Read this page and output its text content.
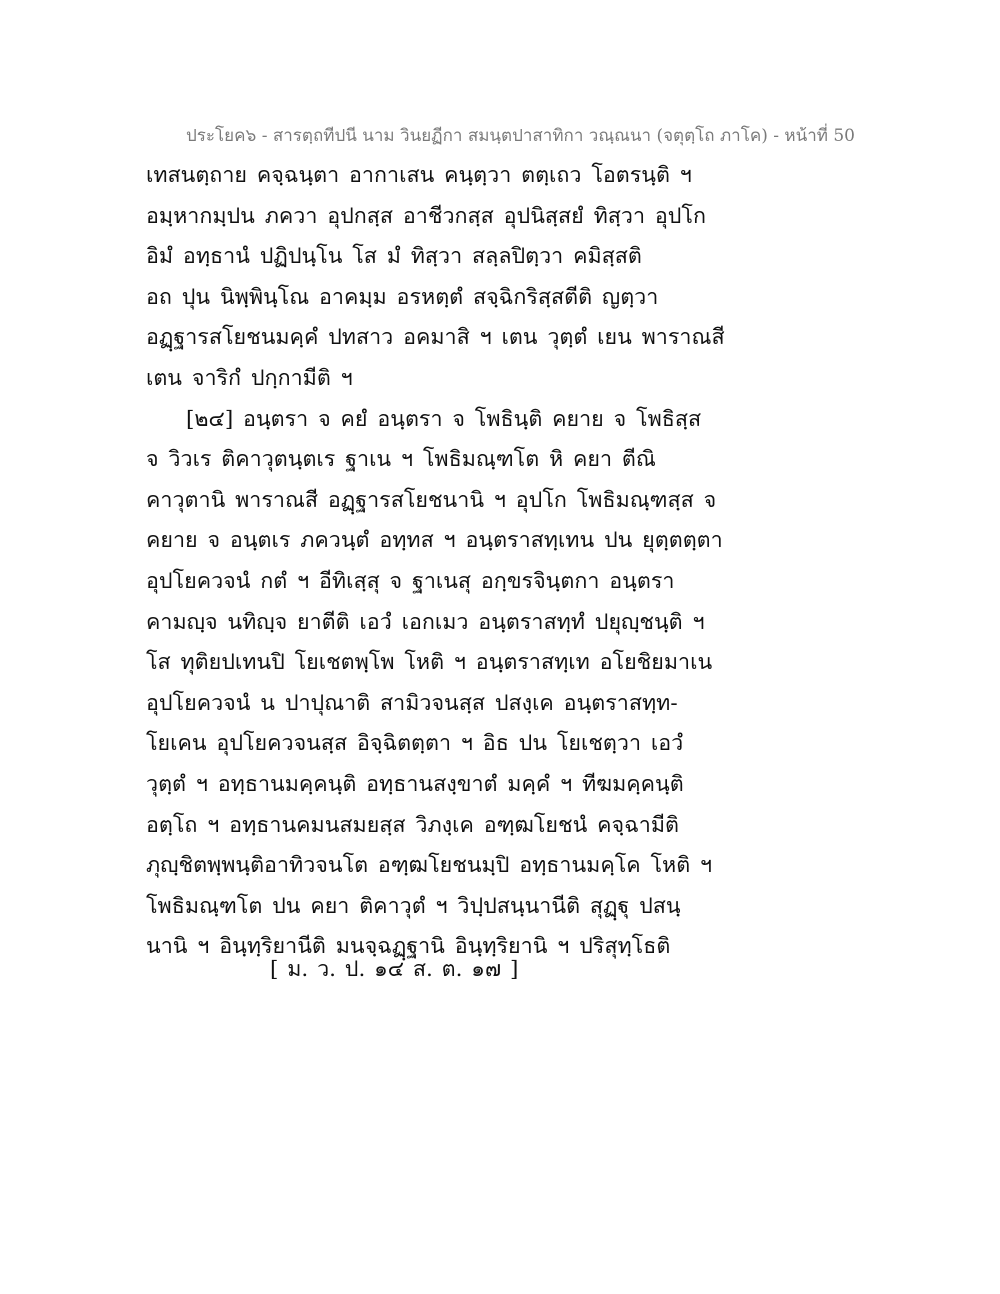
ประโยค๖ - สารตฺถทีปนี นาม วินยฏีกา สมนฺตปาสาทิกา วณฺณนา (จตุตฺโถ ภาโค) - หน้าที่ 50
เทสนตฺถาย คจฺฉนฺตา อากาเสน คนฺตฺวา ตตฺเถว โอตรนฺติ ฯ
อมฺหากมฺปน ภควา อุปกสฺส อาชีวกสฺส อุปนิสฺสยํ ทิสฺวา อุปโก
อิมํ อทฺธานํ ปฏิปนฺโน โส มํ ทิสฺวา สลฺลปิตฺวา คมิสฺสติ
อถ ปุน นิพฺพินฺโณ อาคมฺม อรหตฺตํ สจฺฉิกริสฺสตีติ ญตฺวา
อฏฺฐารสโยชนมคฺคํ ปทสาว อคมาสิ ฯ เตน วุตฺตํ เยน พาราณสี
เตน จาริกํ ปกฺกามีติ ฯ
[๒๔] อนฺตรา จ คยํ อนฺตรา จ โพธินฺติ คยาย จ โพธิสฺส
จ วิวเร ติคาวุตนฺตเร ฐาเน ฯ โพธิมณฺฑโต หิ คยา ตีณิ
คาวุตานิ พาราณสี อฏฺฐารสโยชนานิ ฯ อุปโก โพธิมณฺฑสฺส จ
คยาย จ อนฺตเร ภควนฺตํ อทฺทส ฯ อนฺตราสทฺเทน ปน ยุตฺตตฺตา
อุปโยควจนํ กตํ ฯ อีทิเสฺสุ จ ฐาเนสุ อกฺขรจินฺตกา อนฺตรา
คามญฺจ นทิญฺจ ยาตีติ เอวํ เอกเมว อนฺตราสทฺทํ ปยุญฺชนฺติ ฯ
โส ทุติยปเทนปิ โยเชตพฺโพ โหติ ฯ อนฺตราสทฺเท อโยชิยมาเน
อุปโยควจนํ น ปาปุณาติ สามิวจนสฺส ปสงฺเค อนฺตราสทฺท-
โยเคน อุปโยควจนสฺส อิจฺฉิตตฺตา ฯ อิธ ปน โยเชตฺวา เอวํ
วุตฺตํ ฯ อทฺธานมคฺคนฺติ อทฺธานสงฺขาตํ มคฺคํ ฯ ทีฆมคฺคนฺติ
อตฺโถ ฯ อทฺธานคมนสมยสฺส วิภงฺเค อฑฺฒโยชนํ คจฺฉามีติ
ภุญฺชิตพฺพนฺติอาทิวจนโต อฑฺฒโยชนมฺปิ อทฺธานมคฺโค โหติ ฯ
โพธิมณฺฑโต ปน คยา ติคาวุตํ ฯ วิปฺปสนฺนานีติ สุฏฺฐุ ปสนฺ
นานิ ฯ อินฺทฺริยานีติ มนจฺฉฏฺฐานิ อินฺทฺริยานิ ฯ ปริสุทฺโธติ
[ ม. ว. ป. ๑๔ ส. ต. ๑๗ ]
